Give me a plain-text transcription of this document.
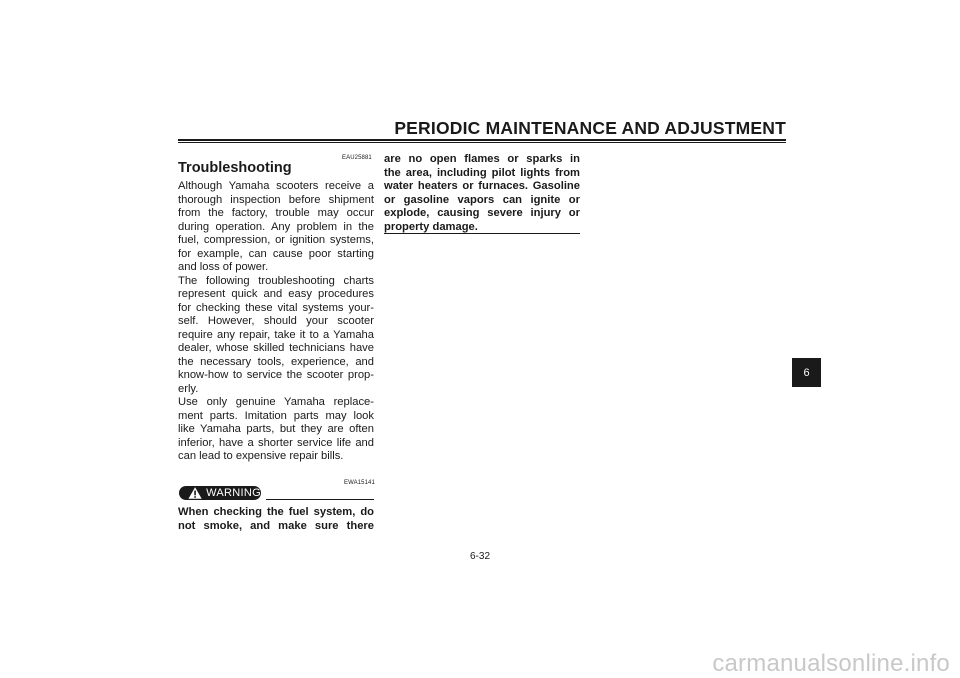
PERIODIC MAINTENANCE AND ADJUSTMENT
EAU25881
Troubleshooting
Although Yamaha scooters receive a
thorough inspection before shipment
from the factory, trouble may occur
during operation. Any problem in the
fuel, compression, or ignition systems,
for example, can cause poor starting
and loss of power.
The following troubleshooting charts
represent quick and easy procedures
for checking these vital systems your-
self. However, should your scooter
require any repair, take it to a Yamaha
dealer, whose skilled technicians have
the necessary tools, experience, and
know-how to service the scooter prop-
erly.
Use only genuine Yamaha replace-
ment parts. Imitation parts may look
like Yamaha parts, but they are often
inferior, have a shorter service life and
can lead to expensive repair bills.
EWA15141
WARNING
When checking the fuel system, do
not smoke, and make sure there
are no open flames or sparks in
the area, including pilot lights from
water heaters or furnaces. Gasoline
or gasoline vapors can ignite or
explode, causing severe injury or
property damage.
6-32
6
carmanualsonline.info
